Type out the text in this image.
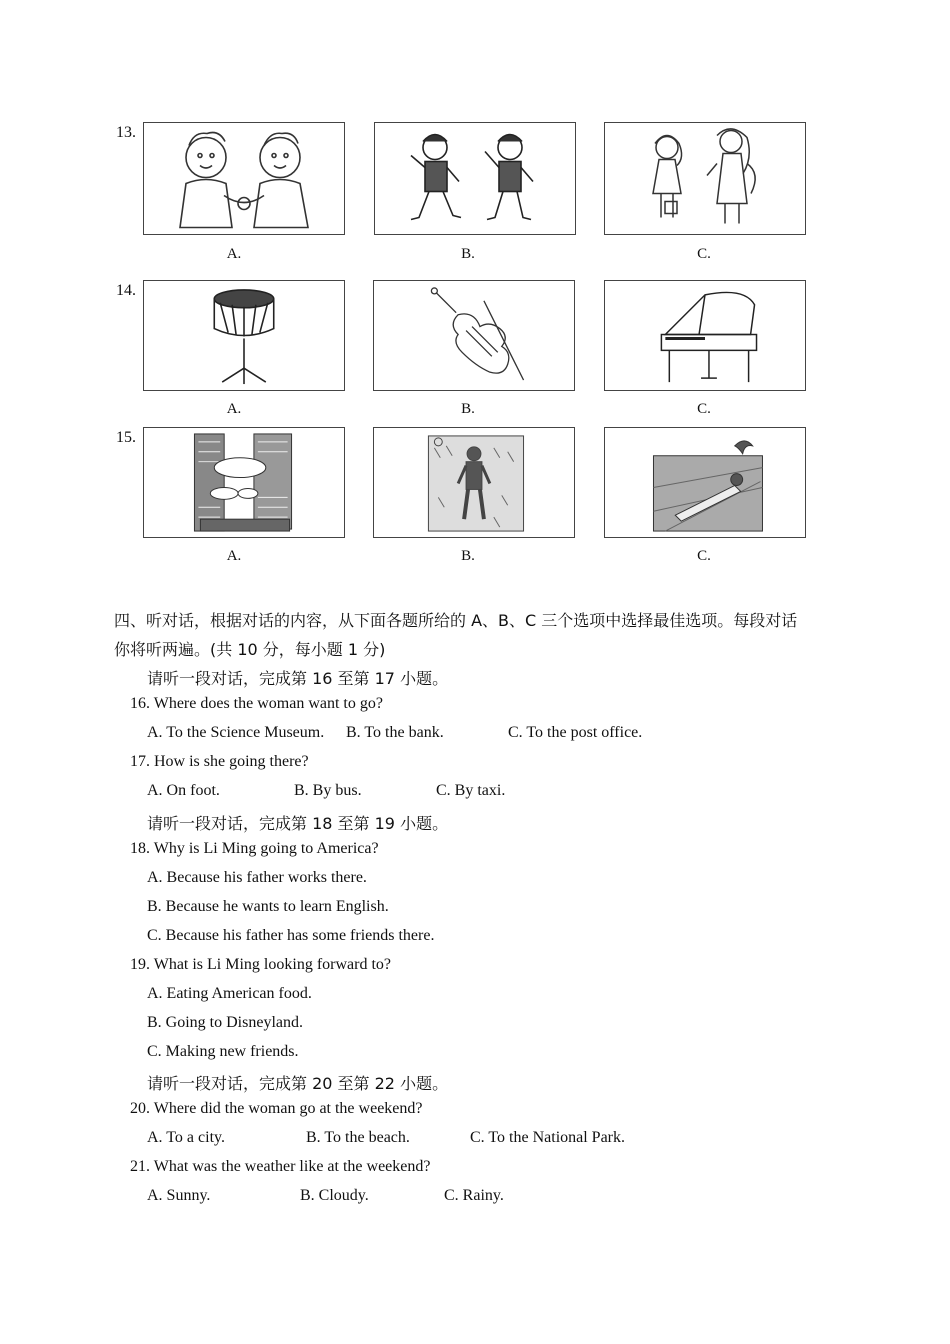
13.
A.	B.	C.
14.
A.	B.	C.
15.
A.	B.	C.
四、听对话，根据对话的内容，从下面各题所给的 A、B、C 三个选项中选择最佳选项。每段对话
你将听两遍。(共 10 分，每小题 1 分)
请听一段对话，完成第 16 至第 17 小题。
16. Where does the woman want to go?
A. To the Science Museum. B. To the bank.	C. To the post office.
17. How is she going there?
A. On foot.	B. By bus.	C. By taxi.
请听一段对话，完成第 18 至第 19 小题。
18. Why is Li Ming going to America?
A. Because his father works there.
B. Because he wants to learn English.
C. Because his father has some friends there.
19. What is Li Ming looking forward to?
A. Eating American food.
B. Going to Disneyland.
C. Making new friends.
请听一段对话，完成第 20 至第 22 小题。
20. Where did the woman go at the weekend?
A. To a city.	B. To the beach.	C. To the National Park.
21. What was the weather like at the weekend?
A. Sunny.	B. Cloudy.	C. Rainy.
